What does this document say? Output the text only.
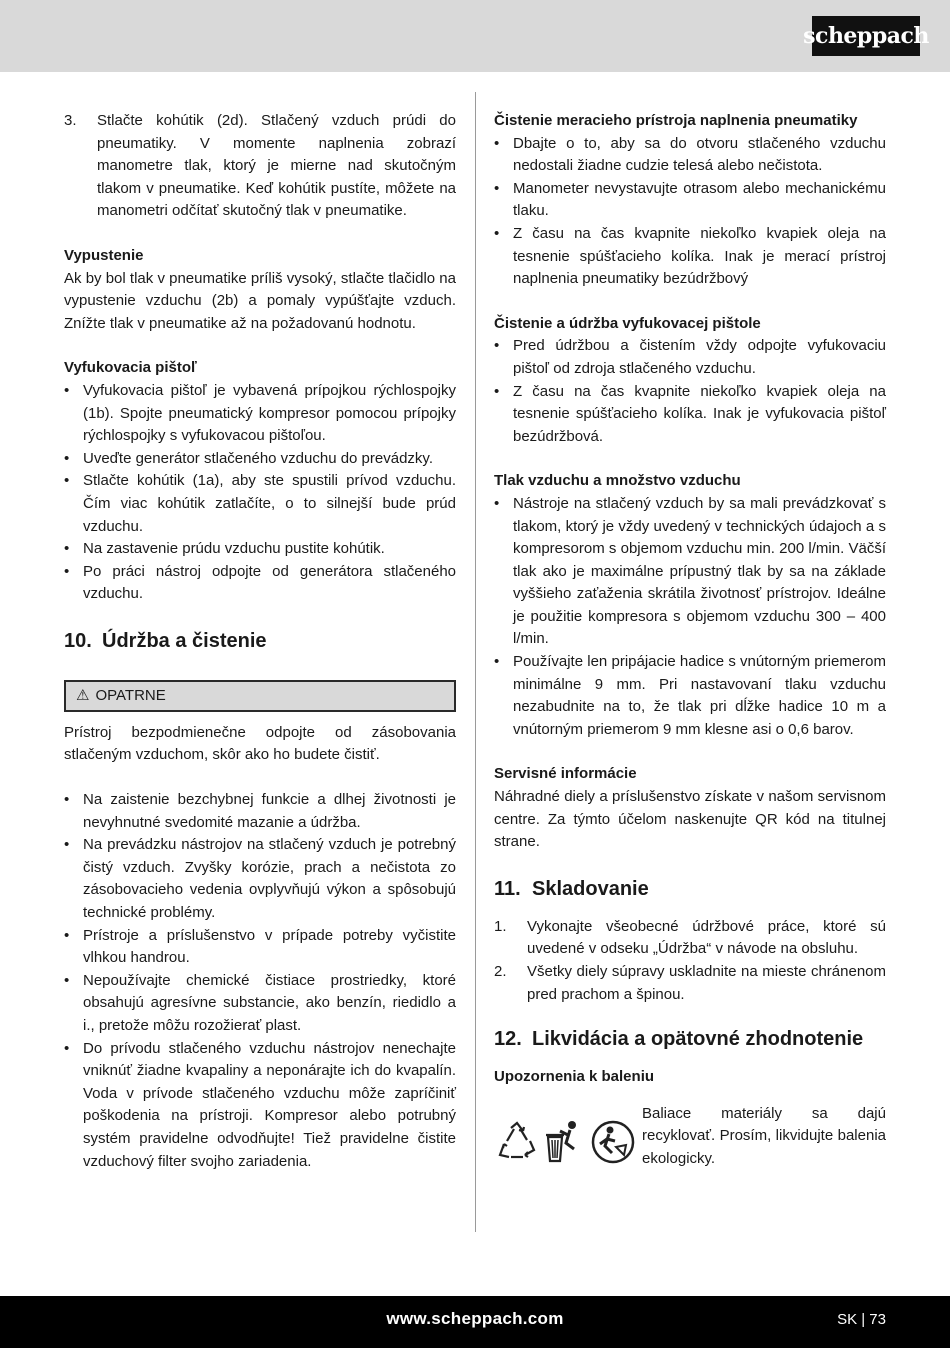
scheppach
3.	Stlačte kohútik (2d). Stlačený vzduch prúdi do pneumatiky. V momente naplnenia zobrazí manometre tlak, ktorý je mierne nad skutočným tlakom v pneumatike. Keď kohútik pustíte, môžete na manometri odčítať skutočný tlak v pneumatike.

Vypustenie

Ak by bol tlak v pneumatike príliš vysoký, stlačte tlačidlo na vypustenie vzduchu (2b) a pomaly vypúšťajte vzduch. Znížte tlak v pneumatike až na požadovanú hodnotu.

Vyfukovacia pištoľ

• Vyfukovacia pištoľ je vybavená prípojkou rýchlospojky (1b). Spojte pneumatický kompresor pomocou prípojky rýchlospojky s vyfukovacou pištoľou.
• Uveďte generátor stlačeného vzduchu do prevádzky.
• Stlačte kohútik (1a), aby ste spustili prívod vzduchu. Čím viac kohútik zatlačíte, o to silnejší bude prúd vzduchu.
• Na zastavenie prúdu vzduchu pustite kohútik.
• Po práci nástroj odpojte od generátora stlačeného vzduchu.
10. Údržba a čistenie
⚠ OPATRNE

Prístroj bezpodmienečne odpojte od zásobovania stlačeným vzduchom, skôr ako ho budete čistiť.

• Na zaistenie bezchybnej funkcie a dlhej životnosti je nevyhnutné svedomité mazanie a údržba.
• Na prevádzku nástrojov na stlačený vzduch je potrebný čistý vzduch. Zvyšky korózie, prach a nečistota zo zásobovacieho vedenia ovplyvňujú výkon a spôsobujú technické problémy.
• Prístroje a príslušenstvo v prípade potreby vyčistite vlhkou handrou.
• Nepoužívajte chemické čistiace prostriedky, ktoré obsahujú agresívne substancie, ako benzín, riedidlo a i., pretože môžu rozožierať plast.
• Do prívodu stlačeného vzduchu nástrojov nenechajte vniknúť žiadne kvapaliny a neponárajte ich do kvapalín. Voda v prívode stlačeného vzduchu môže zapríčiniť poškodenia na prístroji. Kompresor alebo potrubný systém pravidelne odvodňujte! Tiež pravidelne čistite vzduchový filter svojho zariadenia.

Čistenie meracieho prístroja naplnenia pneumatiky

• Dbajte o to, aby sa do otvoru stlačeného vzduchu nedostali žiadne cudzie telesá alebo nečistota.
• Manometer nevystavujte otrasom alebo mechanickému tlaku.
• Z času na čas kvapnite niekoľko kvapiek oleja na tesnenie spúšťacieho kolíka. Inak je merací prístroj naplnenia pneumatiky bezúdržbový

Čistenie a údržba vyfukovacej pištole

• Pred údržbou a čistením vždy odpojte vyfukovaciu pištoľ od zdroja stlačeného vzduchu.
• Z času na čas kvapnite niekoľko kvapiek oleja na tesnenie spúšťacieho kolíka. Inak je vyfukovacia pištoľ bezúdržbová.

Tlak vzduchu a množstvo vzduchu

• Nástroje na stlačený vzduch by sa mali prevádzkovať s tlakom, ktorý je vždy uvedený v technických údajoch a s kompresorom s objemom vzduchu min. 200 l/min. Väčší tlak ako je maximálne prípustný tlak by sa na základe vyššieho zaťaženia skrátila životnosť prístrojov. Ideálne je použitie kompresora s objemom vzduchu 300 – 400 l/min.
• Používajte len pripájacie hadice s vnútorným priemerom minimálne 9 mm. Pri nastavovaní tlaku vzduchu nezabudnite na to, že tlak pri dĺžke hadice 10 m a vnútorným priemerom 9 mm klesne asi o 0,6 barov.

Servisné informácie

Náhradné diely a príslušenstvo získate v našom servisnom centre. Za týmto účelom naskenujte QR kód na titulnej strane.

11. Skladovanie
1.	Vykonajte všeobecné údržbové práce, ktoré sú uvedené v odseku „Údržba“ v návode na obsluhu.
2.	Všetky diely súpravy uskladnite na mieste chránenom pred prachom a špinou.
12. Likvidácia a opätovné zhodnotenie

Upozornenia k baleniu

Baliace materiály sa dajú recyklovať. Prosím, likvidujte balenia ekologicky.

www.scheppach.com	SK | 73
